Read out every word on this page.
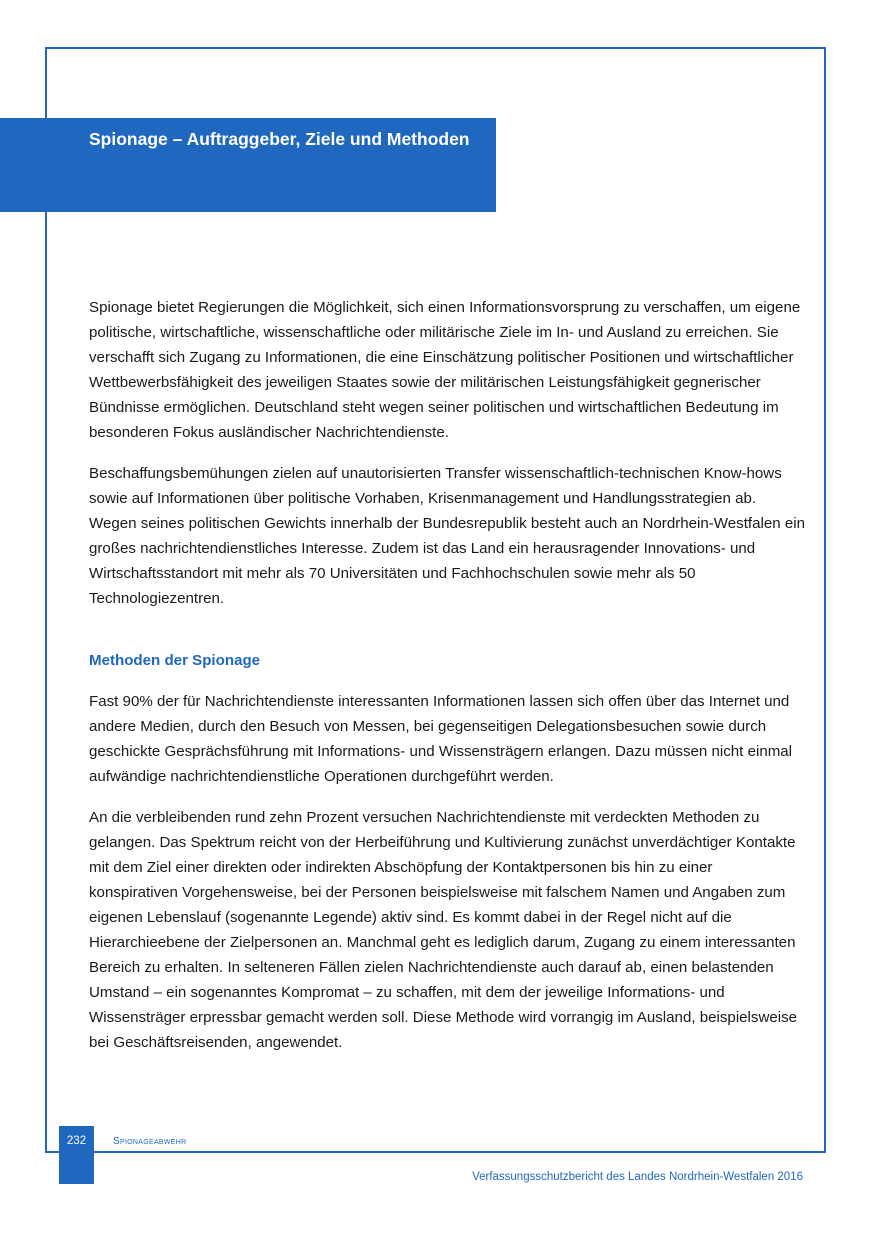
Spionage – Auftraggeber, Ziele und Methoden

Spionage bietet Regierungen die Möglichkeit, sich einen Informationsvorsprung zu verschaffen, um eigene politische, wirtschaftliche, wissenschaftliche oder militärische Ziele im In- und Ausland zu erreichen. Sie verschafft sich Zugang zu Informationen, die eine Einschätzung politischer Positionen und wirtschaftlicher Wettbewerbsfähigkeit des jeweiligen Staates sowie der militärischen Leistungsfähigkeit gegnerischer Bündnisse ermöglichen. Deutschland steht wegen seiner politischen und wirtschaftlichen Bedeutung im besonderen Fokus ausländischer Nachrichtendienste.

Beschaffungsbemühungen zielen auf unautorisierten Transfer wissenschaftlich-technischen Know-hows sowie auf Informationen über politische Vorhaben, Krisenmanagement und Handlungsstrategien ab. Wegen seines politischen Gewichts innerhalb der Bundesrepublik besteht auch an Nordrhein-Westfalen ein großes nachrichtendienstliches Interesse. Zudem ist das Land ein herausragender Innovations- und Wirtschaftsstandort mit mehr als 70 Universitäten und Fachhochschulen sowie mehr als 50 Technologiezentren.

Methoden der Spionage

Fast 90% der für Nachrichtendienste interessanten Informationen lassen sich offen über das Internet und andere Medien, durch den Besuch von Messen, bei gegenseitigen Delegationsbesuchen sowie durch geschickte Gesprächsführung mit Informations- und Wissensträgern erlangen. Dazu müssen nicht einmal aufwändige nachrichtendienstliche Operationen durchgeführt werden.

An die verbleibenden rund zehn Prozent versuchen Nachrichtendienste mit verdeckten Methoden zu gelangen. Das Spektrum reicht von der Herbeiführung und Kultivierung zunächst unverdächtiger Kontakte mit dem Ziel einer direkten oder indirekten Abschöpfung der Kontaktpersonen bis hin zu einer konspirativen Vorgehensweise, bei der Personen beispielsweise mit falschem Namen und Angaben zum eigenen Lebenslauf (sogenannte Legende) aktiv sind. Es kommt dabei in der Regel nicht auf die Hierarchieebene der Zielpersonen an. Manchmal geht es lediglich darum, Zugang zu einem interessanten Bereich zu erhalten. In selteneren Fällen zielen Nachrichtendienste auch darauf ab, einen belastenden Umstand – ein sogenanntes Kompromat – zu schaffen, mit dem der jeweilige Informations- und Wissensträger erpressbar gemacht werden soll. Diese Methode wird vorrangig im Ausland, beispielsweise bei Geschäftsreisenden, angewendet.

232	Spionageabwehr
Verfassungsschutzbericht des Landes Nordrhein-Westfalen 2016
